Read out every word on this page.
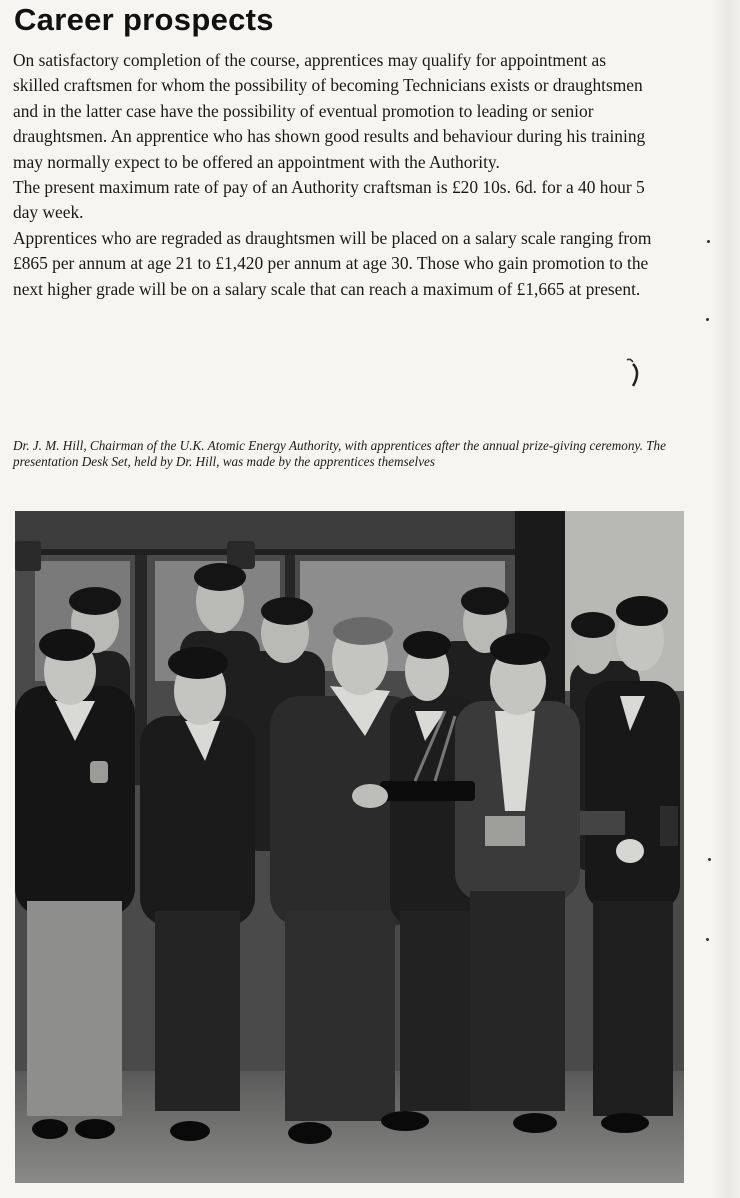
Career prospects

On satisfactory completion of the course, apprentices may qualify for appointment as skilled craftsmen for whom the possibility of becoming Technicians exists or draughtsmen and in the latter case have the possibility of eventual promotion to leading or senior draughtsmen. An apprentice who has shown good results and behaviour during his training may normally expect to be offered an appointment with the Authority.

The present maximum rate of pay of an Authority craftsman is £20 10s. 6d. for a 40 hour 5 day week.

Apprentices who are regraded as draughtsmen will be placed on a salary scale ranging from £865 per annum at age 21 to £1,420 per annum at age 30. Those who gain promotion to the next higher grade will be on a salary scale that can reach a maximum of £1,665 at present.

Dr. J. M. Hill, Chairman of the U.K. Atomic Energy Authority, with apprentices after the annual prize-giving ceremony. The presentation Desk Set, held by Dr. Hill, was made by the apprentices themselves
